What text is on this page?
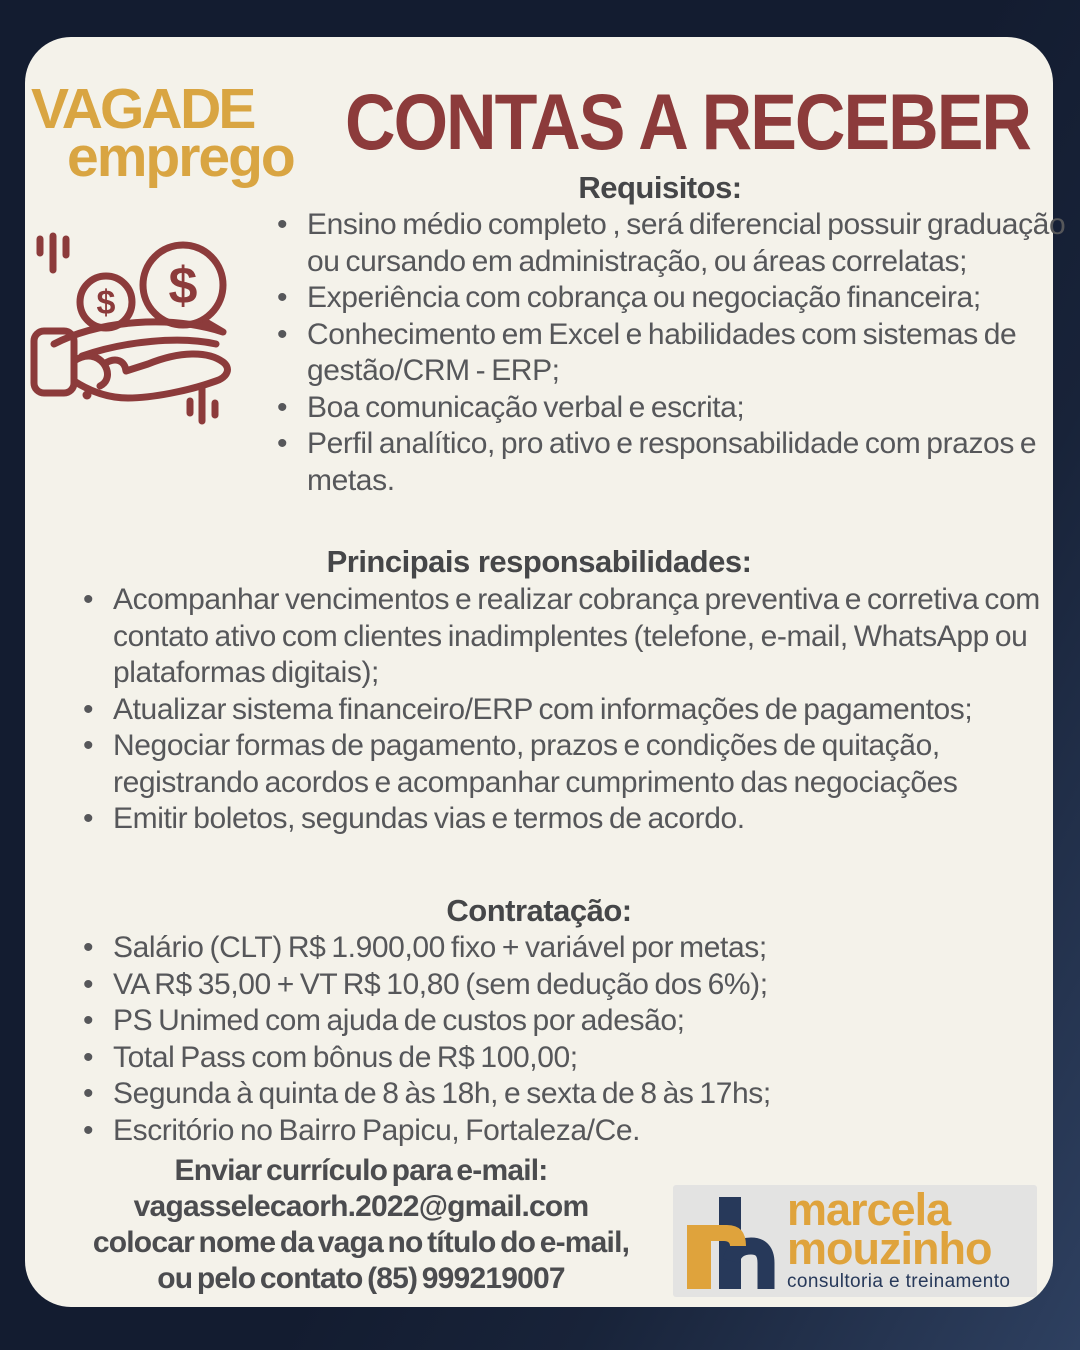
VAGA DE
emprego CONTAS A RECEBER
$ $
Requisitos:
• Ensino médio completo , será diferencial possuir graduação ou cursando em administração, ou áreas correlatas;
• Experiência com cobrança ou negociação financeira;
• Conhecimento em Excel e habilidades com sistemas de gestão/CRM - ERP;
• Boa comunicação verbal e escrita;
• Perfil analítico, pro ativo e responsabilidade com prazos e metas.
Principais responsabilidades:
• Acompanhar vencimentos e realizar cobrança preventiva e corretiva com contato ativo com clientes inadimplentes (telefone, e-mail, WhatsApp ou plataformas digitais);
• Atualizar sistema financeiro/ERP com informações de pagamentos;
• Negociar formas de pagamento, prazos e condições de quitação, registrando acordos e acompanhar cumprimento das negociações
• Emitir boletos, segundas vias e termos de acordo.
Contratação:
• Salário (CLT) R$ 1.900,00 fixo + variável por metas;
• VA R$ 35,00 + VT R$ 10,80 (sem dedução dos 6%);
• PS Unimed com ajuda de custos por adesão;
• Total Pass com bônus de R$ 100,00;
• Segunda à quinta de 8 às 18h, e sexta de 8 às 17hs;
• Escritório no Bairro Papicu, Fortaleza/Ce.
Enviar currículo para e-mail:
vagasselecaorh.2022@gmail.com
colocar nome da vaga no título do e-mail,
ou pelo contato (85) 999219007
marcela
mouzinho
consultoria e treinamento
